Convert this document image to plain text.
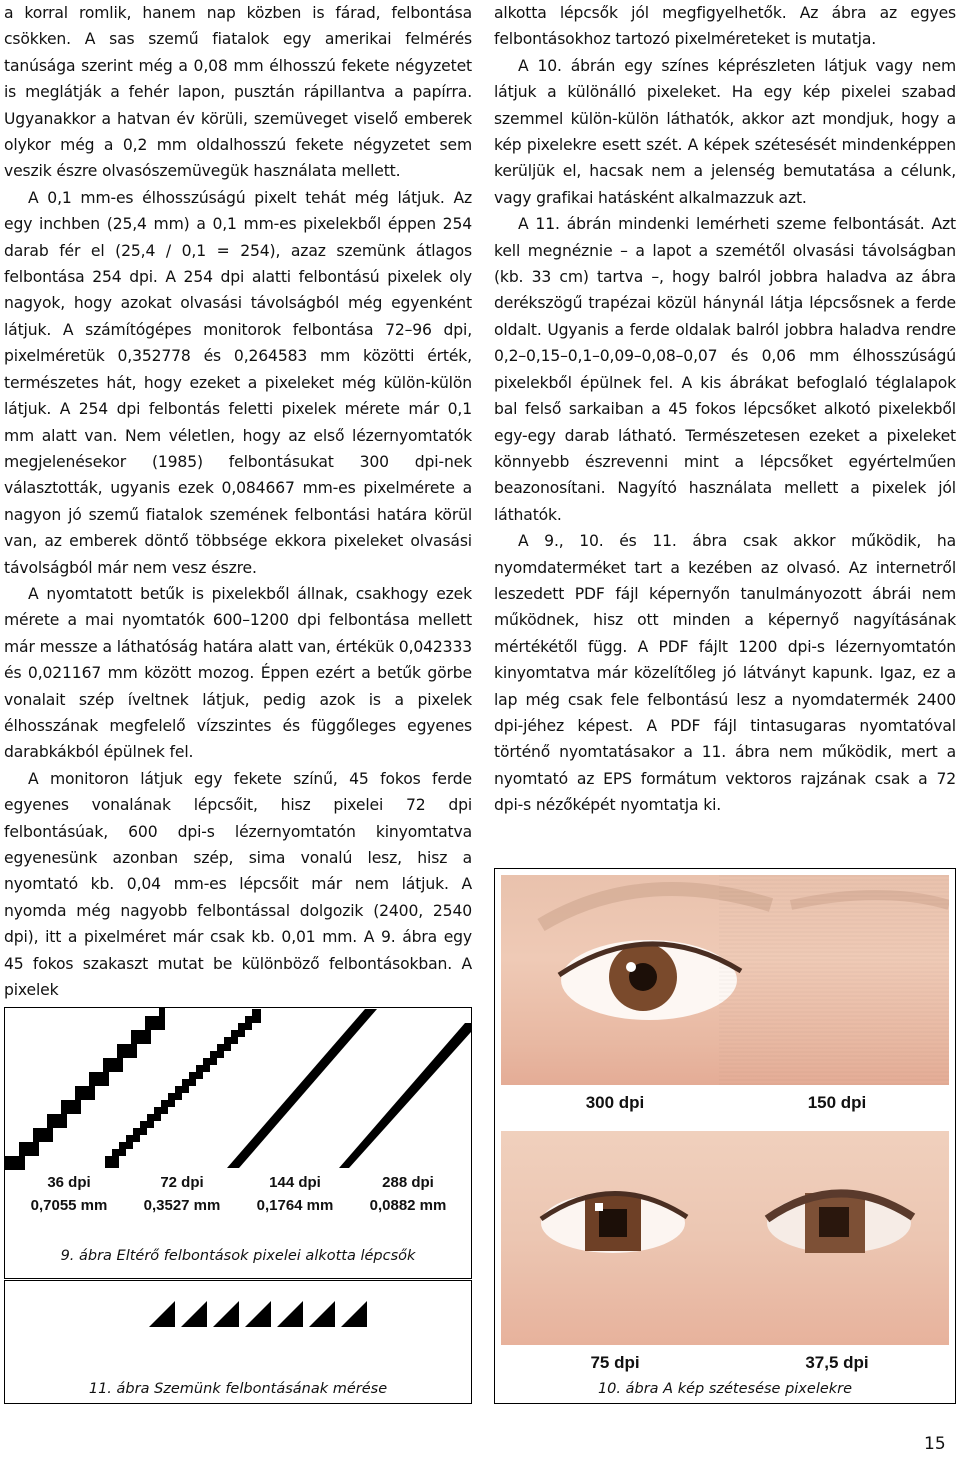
a korral romlik, hanem nap közben is fárad, felbontása csökken. A sas szemű fiatalok egy amerikai felmérés tanúsága szerint még a 0,08 mm élhosszú fekete négyzetet is meglátják a fehér lapon, pusztán rápillantva a papírra. Ugyanakkor a hatvan év körüli, szemüveget viselő emberek olykor még a 0,2 mm oldalhosszú fekete négyzetet sem veszik észre olvasószemüvegük használata mellett.

A 0,1 mm-es élhosszúságú pixelt tehát még látjuk. Az egy inchben (25,4 mm) a 0,1 mm-es pixelekből éppen 254 darab fér el (25,4 / 0,1 = 254), azaz szemünk átlagos felbontása 254 dpi. A 254 dpi alatti felbontású pixelek oly nagyok, hogy azokat olvasási távolságból még egyenként látjuk. A számítógépes monitorok felbontása 72–96 dpi, pixelméretük 0,352778 és 0,264583 mm közötti érték, természetes hát, hogy ezeket a pixeleket még külön-külön látjuk. A 254 dpi felbontás feletti pixelek mérete már 0,1 mm alatt van. Nem véletlen, hogy az első lézernyomtatók megjelenésekor (1985) felbontásukat 300 dpi-nek választották, ugyanis ezek 0,084667 mm-es pixelmérete a nagyon jó szemű fiatalok szemének felbontási határa körül van, az emberek döntő többsége ekkora pixeleket olvasási távolságból már nem vesz észre.

A nyomtatott betűk is pixelekből állnak, csakhogy ezek mérete a mai nyomtatók 600–1200 dpi felbontása mellett már messze a láthatóság határa alatt van, értékük 0,042333 és 0,021167 mm között mozog. Éppen ezért a betűk görbe vonalait szép íveltnek látjuk, pedig azok is a pixelek élhosszának megfelelő vízszintes és függőleges egyenes darabkákból épülnek fel.

A monitoron látjuk egy fekete színű, 45 fokos ferde egyenes vonalának lépcsőit, hisz pixelei 72 dpi felbontásúak, 600 dpi-s lézernyomtatón kinyomtatva egyenesünk azonban szép, sima vonalú lesz, hisz a nyomtató kb. 0,04 mm-es lépcsőit már nem látjuk. A nyomda még nagyobb felbontással dolgozik (2400, 2540 dpi), itt a pixelméret már csak kb. 0,01 mm. A 9. ábra egy 45 fokos szakaszt mutat be különböző felbontásokban. A pixelek

alkotta lépcsők jól megfigyelhetők. Az ábra az egyes felbontásokhoz tartozó pixelméreteket is mutatja.

A 10. ábrán egy színes képrészleten látjuk vagy nem látjuk a különálló pixeleket. Ha egy kép pixelei szabad szemmel külön-külön láthatók, akkor azt mondjuk, hogy a kép pixelekre esett szét. A képek szétesését mindenképpen kerüljük el, hacsak nem a jelenség bemutatása a célunk, vagy grafikai hatásként alkalmazzuk azt.

A 11. ábrán mindenki lemérheti szeme felbontását. Azt kell megnéznie – a lapot a szemétől olvasási távolságban (kb. 33 cm) tartva –, hogy balról jobbra haladva az ábra derékszögű trapézai közül hánynál látja lépcsősnek a ferde oldalt. Ugyanis a ferde oldalak balról jobbra haladva rendre 0,2–0,15–0,1–0,09–0,08–0,07 és 0,06 mm élhosszúságú pixelekből épülnek fel. A kis ábrákat befoglaló téglalapok bal felső sarkaiban a 45 fokos lépcsőket alkotó pixelekből egy-egy darab látható. Természetesen ezeket a pixeleket könnyebb észrevenni mint a lépcsőket egyértelműen beazonosítani. Nagyító használata mellett a pixelek jól láthatók.

A 9., 10. és 11. ábra csak akkor működik, ha nyomdaterméket tart a kezében az olvasó. Az internetről leszedett PDF fájl képernyőn tanulmányozott ábrái nem működnek, hisz ott minden a képernyő nagyításának mértékétől függ. A PDF fájlt 1200 dpi-s lézernyomtatón kinyomtatva már közelítőleg jó látványt kapunk. Igaz, ez a lap még csak fele felbontású lesz a nyomdatermék 2400 dpi-jéhez képest. A PDF fájl tintasugaras nyomtatóval történő nyomtatásakor a 11. ábra nem működik, mert a nyomtató az EPS formátum vektoros rajzának csak a 72 dpi-s nézőképét nyomtatja ki.

36 dpi
0,7055 mm
72 dpi
0,3527 mm
144 dpi
0,1764 mm
288 dpi
0,0882 mm
9. ábra Eltérő felbontások pixelei alkotta lépcsők
11. ábra Szemünk felbontásának mérése
300 dpi	150 dpi
75 dpi	37,5 dpi
10. ábra A kép szétesése pixelekre
15
